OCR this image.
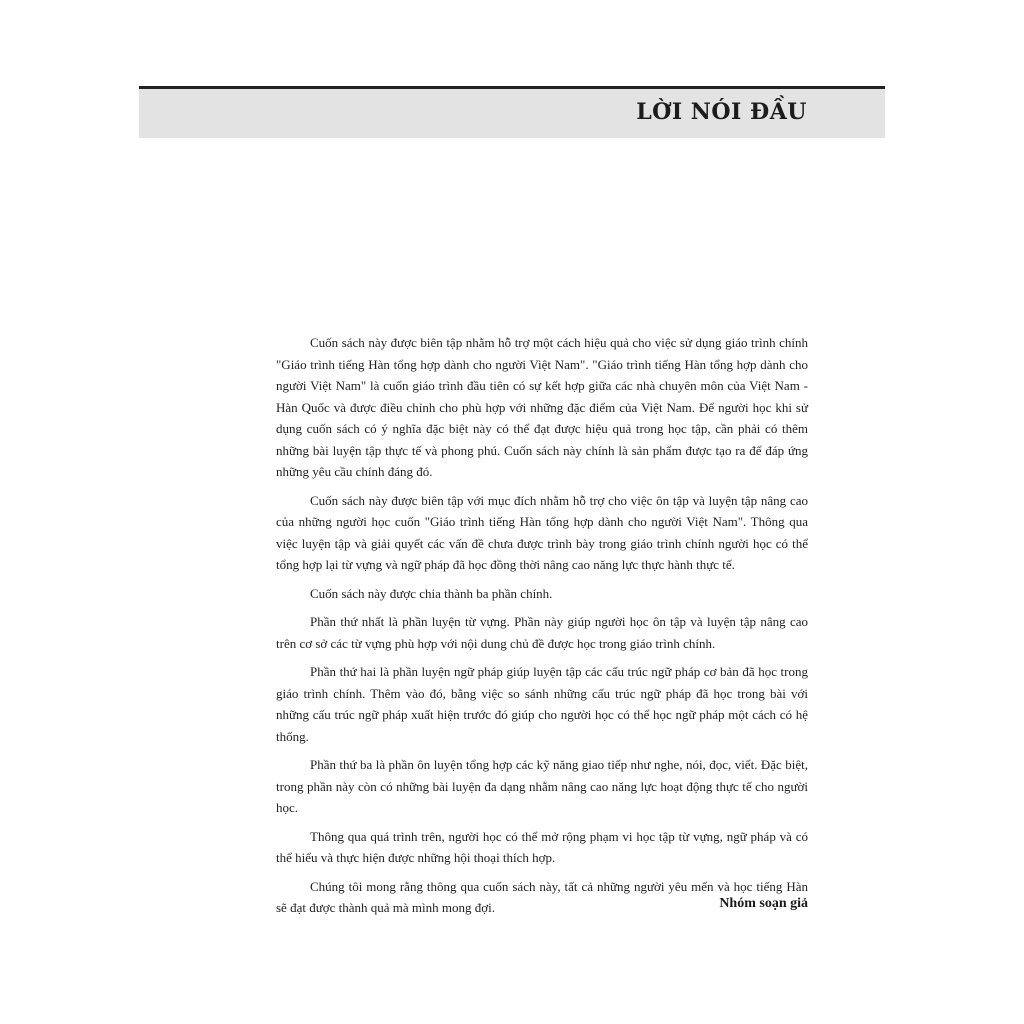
LỜI NÓI ĐẦU

Cuốn sách này được biên tập nhằm hỗ trợ một cách hiệu quả cho việc sử dụng giáo trình chính "Giáo trình tiếng Hàn tổng hợp dành cho người Việt Nam". "Giáo trình tiếng Hàn tổng hợp dành cho người Việt Nam" là cuốn giáo trình đầu tiên có sự kết hợp giữa các nhà chuyên môn của Việt Nam - Hàn Quốc và được điều chỉnh cho phù hợp với những đặc điểm của Việt Nam. Để người học khi sử dụng cuốn sách có ý nghĩa đặc biệt này có thể đạt được hiệu quả trong học tập, cần phải có thêm những bài luyện tập thực tế và phong phú. Cuốn sách này chính là sản phẩm được tạo ra để đáp ứng những yêu cầu chính đáng đó.

Cuốn sách này được biên tập với mục đích nhằm hỗ trợ cho việc ôn tập và luyện tập nâng cao của những người học cuốn "Giáo trình tiếng Hàn tổng hợp dành cho người Việt Nam". Thông qua việc luyện tập và giải quyết các vấn đề chưa được trình bày trong giáo trình chính người học có thể tổng hợp lại từ vựng và ngữ pháp đã học đồng thời nâng cao năng lực thực hành thực tế.

Cuốn sách này được chia thành ba phần chính.

Phần thứ nhất là phần luyện từ vựng. Phần này giúp người học ôn tập và luyện tập nâng cao trên cơ sở các từ vựng phù hợp với nội dung chủ đề được học trong giáo trình chính.

Phần thứ hai là phần luyện ngữ pháp giúp luyện tập các cấu trúc ngữ pháp cơ bản đã học trong giáo trình chính. Thêm vào đó, bằng việc so sánh những cấu trúc ngữ pháp đã học trong bài với những cấu trúc ngữ pháp xuất hiện trước đó giúp cho người học có thể học ngữ pháp một cách có hệ thống.

Phần thứ ba là phần ôn luyện tổng hợp các kỹ năng giao tiếp như nghe, nói, đọc, viết. Đặc biệt, trong phần này còn có những bài luyện đa dạng nhằm nâng cao năng lực hoạt động thực tế cho người học.

Thông qua quá trình trên, người học có thể mở rộng phạm vi học tập từ vựng, ngữ pháp và có thể hiểu và thực hiện được những hội thoại thích hợp.

Chúng tôi mong rằng thông qua cuốn sách này, tất cả những người yêu mến và học tiếng Hàn sẽ đạt được thành quả mà mình mong đợi.	Nhóm soạn giả
